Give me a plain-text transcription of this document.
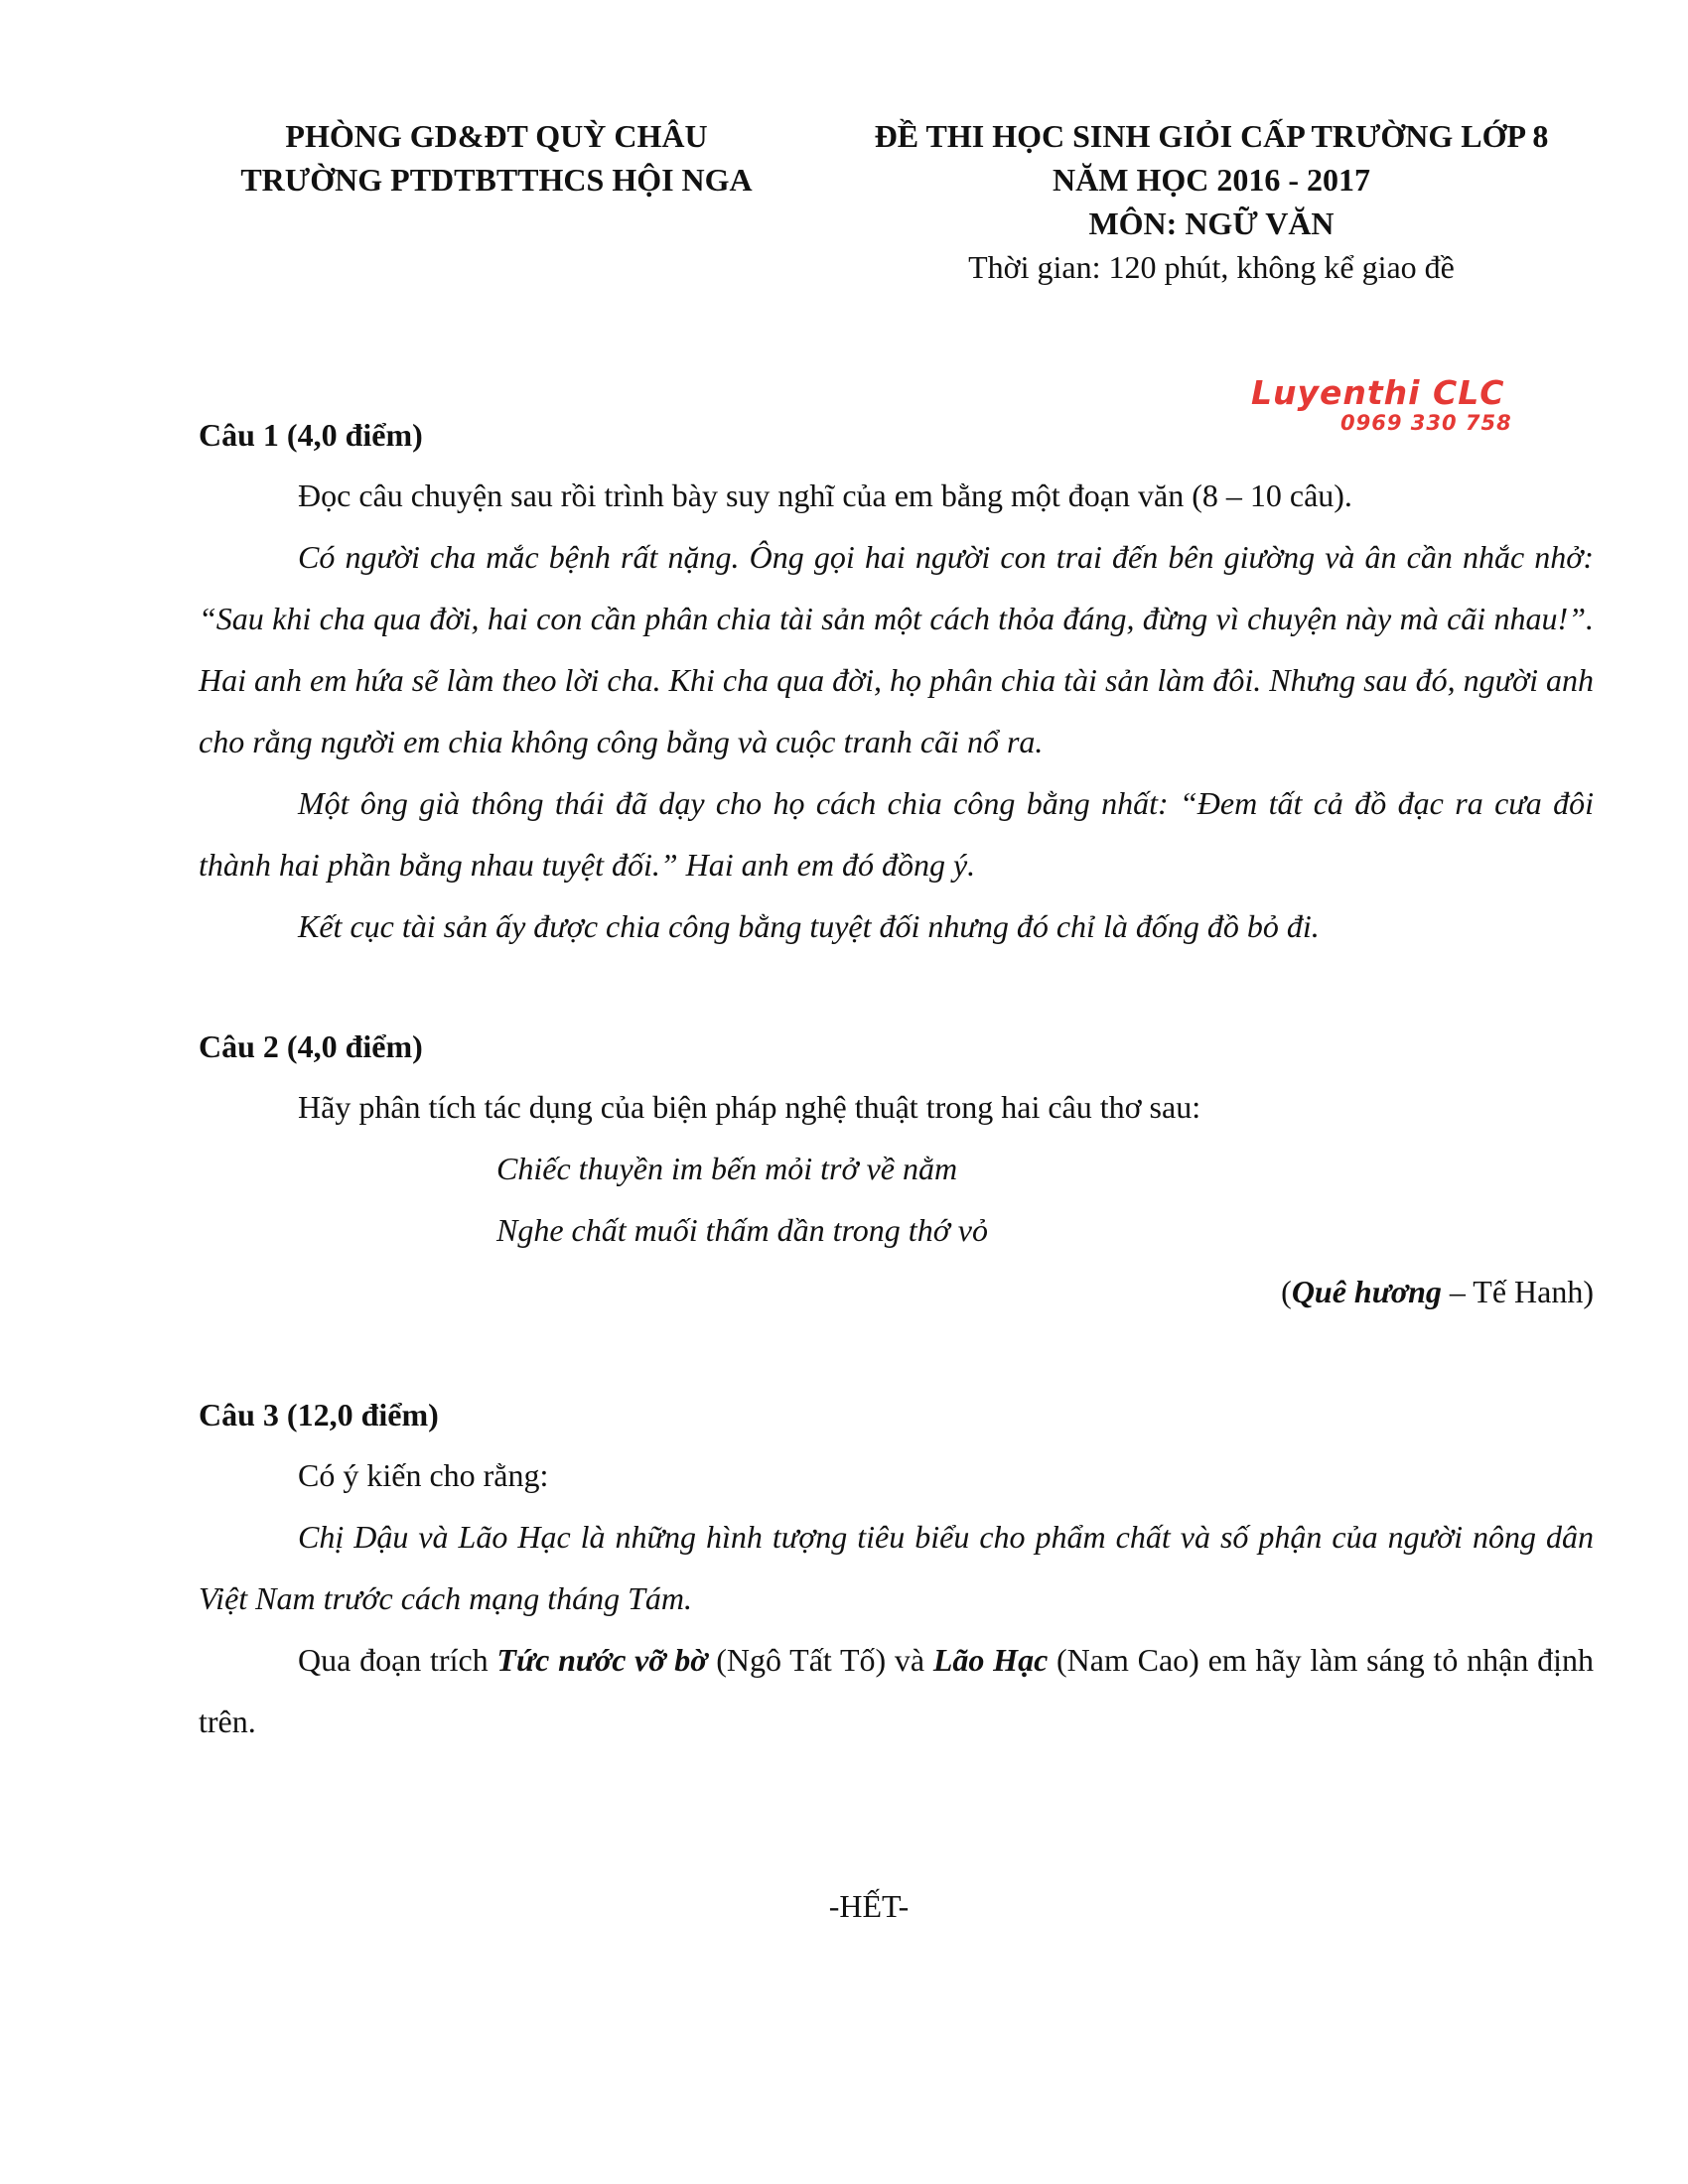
PHÒNG GD&ĐT QUỲ CHÂU
TRƯỜNG PTDTBTTHCS HỘI NGA
ĐỀ THI HỌC SINH GIỎI CẤP TRƯỜNG LỚP 8
NĂM HỌC 2016 - 2017
MÔN: NGỮ VĂN
Thời gian: 120 phút, không kể giao đề
Luyenthi CLC
0969 330 758
Câu 1 (4,0 điểm)

Đọc câu chuyện sau rồi trình bày suy nghĩ của em bằng một đoạn văn (8 – 10 câu).

Có người cha mắc bệnh rất nặng. Ông gọi hai người con trai đến bên giường và ân cần nhắc nhở: “Sau khi cha qua đời, hai con cần phân chia tài sản một cách thỏa đáng, đừng vì chuyện này mà cãi nhau!”. Hai anh em hứa sẽ làm theo lời cha. Khi cha qua đời, họ phân chia tài sản làm đôi. Nhưng sau đó, người anh cho rằng người em chia không công bằng và cuộc tranh cãi nổ ra.

Một ông già thông thái đã dạy cho họ cách chia công bằng nhất: “Đem tất cả đồ đạc ra cưa đôi thành hai phần bằng nhau tuyệt đối.” Hai anh em đó đồng ý.

Kết cục tài sản ấy được chia công bằng tuyệt đối nhưng đó chỉ là đống đồ bỏ đi.

Câu 2 (4,0 điểm)

Hãy phân tích tác dụng của biện pháp nghệ thuật trong hai câu thơ sau:

Chiếc thuyền im bến mỏi trở về nằm
Nghe chất muối thấm dần trong thớ vỏ
(Quê hương – Tế Hanh)
Câu 3 (12,0 điểm)

Có ý kiến cho rằng:

Chị Dậu và Lão Hạc là những hình tượng tiêu biểu cho phẩm chất và số phận của người nông dân Việt Nam trước cách mạng tháng Tám.

Qua đoạn trích Tức nước vỡ bờ (Ngô Tất Tố) và Lão Hạc (Nam Cao) em hãy làm sáng tỏ nhận định trên.

-HẾT-
